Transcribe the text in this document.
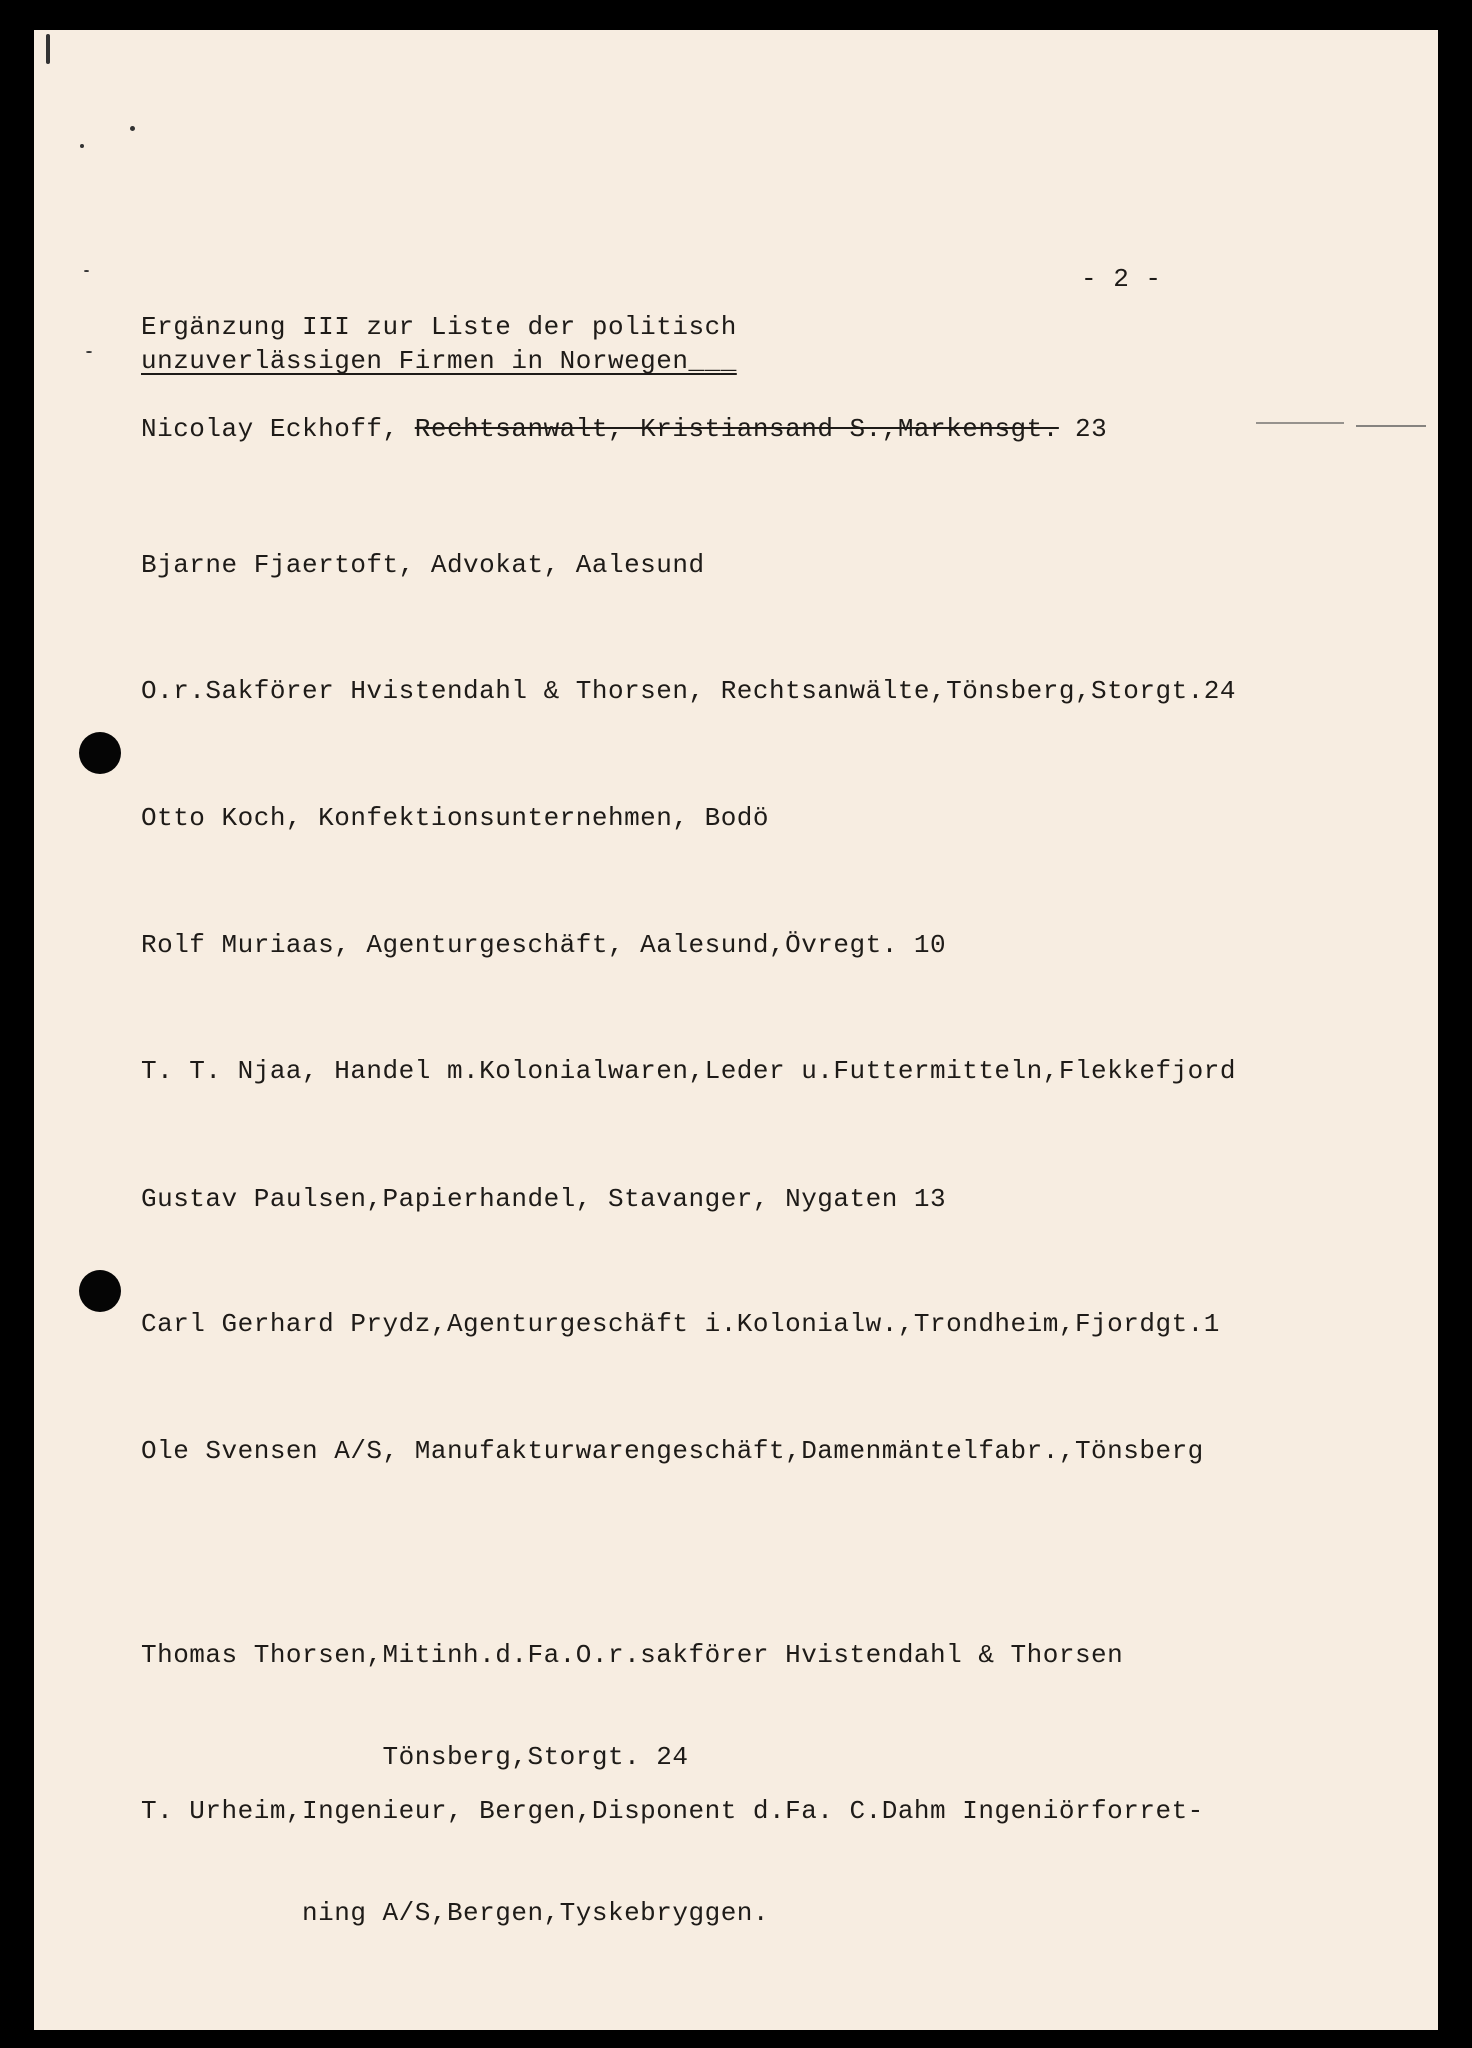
- 2 -
Ergänzung III zur Liste der politisch
unzuverlässigen Firmen in Norwegen___
Nicolay Eckhoff, Rechtsanwalt, Kristiansand S.,Markensgt. 23
Bjarne Fjaertoft, Advokat, Aalesund
O.r.Sakförer Hvistendahl & Thorsen, Rechtsanwälte,Tönsberg,Storgt.24
Otto Koch, Konfektionsunternehmen, Bodö
Rolf Muriaas, Agenturgeschäft, Aalesund,Övregt. 10
T. T. Njaa, Handel m.Kolonialwaren,Leder u.Futtermitteln,Flekkefjord
Gustav Paulsen,Papierhandel, Stavanger, Nygaten 13
Carl Gerhard Prydz,Agenturgeschäft i.Kolonialw.,Trondheim,Fjordgt.1
Ole Svensen A/S, Manufakturwarengeschäft,Damenmäntelfabr.,Tönsberg

Thomas Thorsen,Mitinh.d.Fa.O.r.sakförer Hvistendahl & Thorsen

Tönsberg,Storgt. 24

T. Urheim,Ingenieur, Bergen,Disponent d.Fa. C.Dahm Ingeniörforret-

ning A/S,Bergen,Tyskebryggen.
